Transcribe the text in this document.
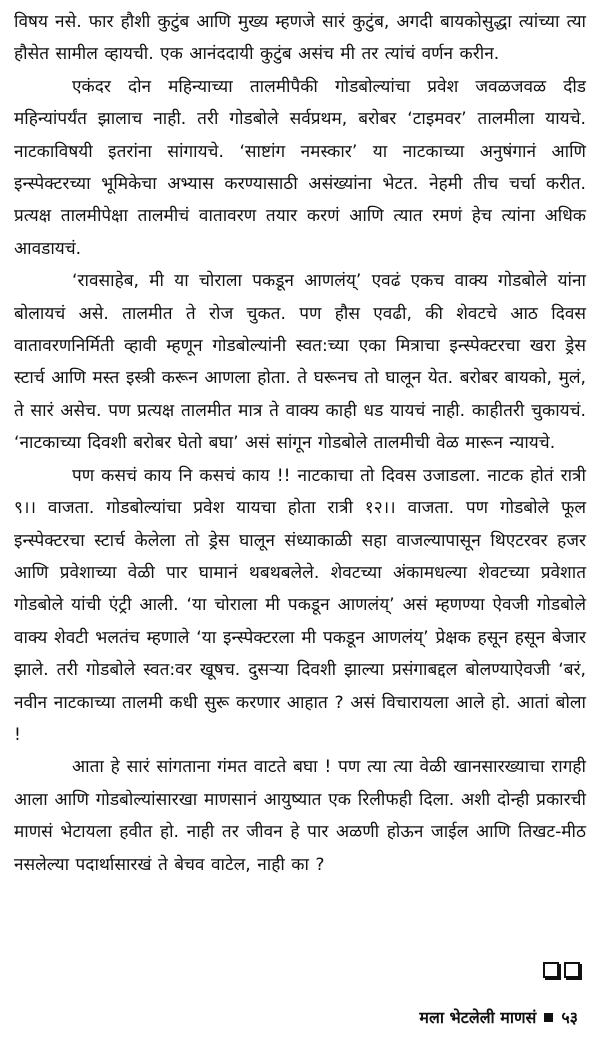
विषय नसे. फार हौशी कुटुंब आणि मुख्य म्हणजे सारं कुटुंब, अगदी बायकोसुद्धा त्यांच्या त्या हौसेत सामील व्हायची. एक आनंददायी कुटुंब असंच मी तर त्यांचं वर्णन करीन.

एकंदर दोन महिन्याच्या तालमीपैकी गोडबोल्यांचा प्रवेश जवळजवळ दीड महिन्यांपर्यंत झालाच नाही. तरी गोडबोले सर्वप्रथम, बरोबर ‘टाइमवर’ तालमीला यायचे. नाटकाविषयी इतरांना सांगायचे. ‘साष्टांग नमस्कार’ या नाटकाच्या अनुषंगानं आणि इन्स्पेक्टरच्या भूमिकेचा अभ्यास करण्यासाठी असंख्यांना भेटत. नेहमी तीच चर्चा करीत. प्रत्यक्ष तालमीपेक्षा तालमीचं वातावरण तयार करणं आणि त्यात रमणं हेच त्यांना अधिक आवडायचं.

‘रावसाहेब, मी या चोराला पकडून आणलंय्’ एवढं एकच वाक्य गोडबोले यांना बोलायचं असे. तालमीत ते रोज चुकत. पण हौस एवढी, की शेवटचे आठ दिवस वातावरणनिर्मिती व्हावी म्हणून गोडबोल्यांनी स्वत:च्या एका मित्राचा इन्स्पेक्टरचा खरा ड्रेस स्टार्च आणि मस्त इस्त्री करून आणला होता. ते घरूनच तो घालून येत. बरोबर बायको, मुलं, ते सारं असेच. पण प्रत्यक्ष तालमीत मात्र ते वाक्य काही धड यायचं नाही. काहीतरी चुकायचं. ‘नाटकाच्या दिवशी बरोबर घेतो बघा’ असं सांगून गोडबोले तालमीची वेळ मारून न्यायचे.

पण कसचं काय नि कसचं काय !! नाटकाचा तो दिवस उजाडला. नाटक होतं रात्री ९।। वाजता. गोडबोल्यांचा प्रवेश यायचा होता रात्री १२।। वाजता. पण गोडबोले फूल इन्स्पेक्टरचा स्टार्च केलेला तो ड्रेस घालून संध्याकाळी सहा वाजल्यापासून थिएटरवर हजर आणि प्रवेशाच्या वेळी पार घामानं थबथबलेले. शेवटच्या अंकामधल्या शेवटच्या प्रवेशात गोडबोले यांची एंट्री आली. ‘या चोराला मी पकडून आणलंय्’ असं म्हणण्या ऐवजी गोडबोले वाक्य शेवटी भलतंच म्हणाले ‘या इन्स्पेक्टरला मी पकडून आणलंय्’ प्रेक्षक हसून हसून बेजार झाले. तरी गोडबोले स्वत:वर खूषच. दुसऱ्या दिवशी झाल्या प्रसंगाबद्दल बोलण्याऐवजी ‘बरं, नवीन नाटकाच्या तालमी कधी सुरू करणार आहात ? असं विचारायला आले हो. आतां बोला !

आता हे सारं सांगताना गंमत वाटते बघा ! पण त्या त्या वेळी खानसारख्याचा रागही आला आणि गोडबोल्यांसारखा माणसानं आयुष्यात एक रिलीफही दिला. अशी दोन्ही प्रकारची माणसं भेटायला हवीत हो. नाही तर जीवन हे पार अळणी होऊन जाईल आणि तिखट-मीठ नसलेल्या पदार्थासारखं ते बेचव वाटेल, नाही का ?

मला भेटलेली माणसं ५३
